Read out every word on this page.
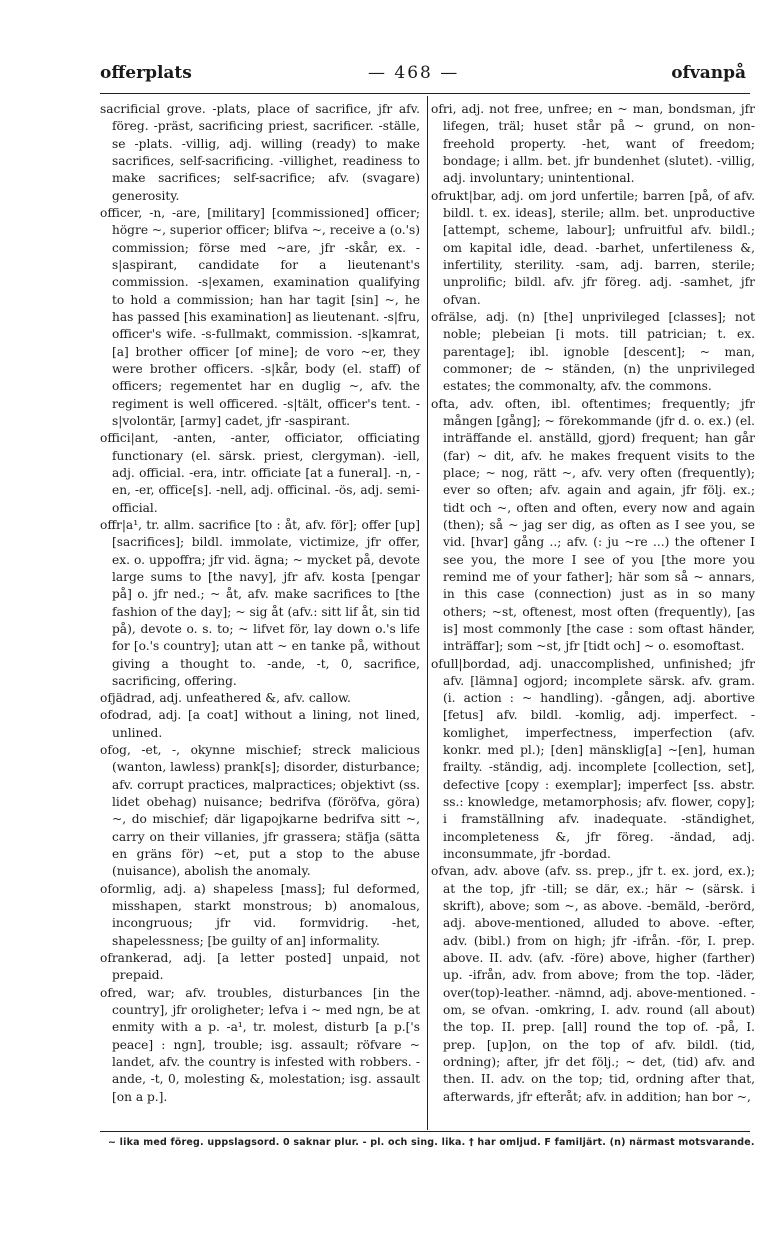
offerplats	— 468 —	ofvanpå

sacrificial grove. -plats, place of sacrifice, jfr afv. föreg. -präst, sacrificing priest, sacrificer. -ställe, se -plats. -villig, adj. willing (ready) to make sacrifices, self-sacrificing. -villighet, readiness to make sacrifices; self-sacrifice; afv. (svagare) generosity.

officer, -n, -are, [military] [commissioned] officer; högre ~, superior officer; blifva ~, receive a (o.'s) commission; förse med ~are, jfr -skår, ex. -s|aspirant, candidate for a lieutenant's commission. -s|examen, examination qualifying to hold a commission; han har tagit [sin] ~, he has passed [his examination] as lieutenant. -s|fru, officer's wife. -s-fullmakt, commission. -s|kamrat, [a] brother officer [of mine]; de voro ~er, they were brother officers. -s|kår, body (el. staff) of officers; regementet har en duglig ~, afv. the regiment is well officered. -s|tält, officer's tent. -s|volontär, [army] cadet, jfr -saspirant.

offici|ant, -anten, -anter, officiator, officiating functionary (el. särsk. priest, clergyman). -iell, adj. official. -era, intr. officiate [at a funeral]. -n, -en, -er, office[s]. -nell, adj. officinal. -ös, adj. semi-official.

offr|a¹, tr. allm. sacrifice [to : åt, afv. för]; offer [up] [sacrifices]; bildl. immolate, victimize, jfr offer, ex. o. uppoffra; jfr vid. ägna; ~ mycket på, devote large sums to [the navy], jfr afv. kosta [pengar på] o. jfr ned.; ~ åt, afv. make sacrifices to [the fashion of the day]; ~ sig åt (afv.: sitt lif åt, sin tid på), devote o. s. to; ~ lifvet för, lay down o.'s life for [o.'s country]; utan att ~ en tanke på, without giving a thought to. -ande, -t, 0, sacrifice, sacrificing, offering.

ofjädrad, adj. unfeathered &, afv. callow.

ofodrad, adj. [a coat] without a lining, not lined, unlined.

ofog, -et, -, okynne mischief; streck malicious (wanton, lawless) prank[s]; disorder, disturbance; afv. corrupt practices, malpractices; objektivt (ss. lidet obehag) nuisance; bedrifva (föröfva, göra) ~, do mischief; där ligapojkarne bedrifva sitt ~, carry on their villanies, jfr grassera; stäfja (sätta en gräns för) ~et, put a stop to the abuse (nuisance), abolish the anomaly.

oformlig, adj. a) shapeless [mass]; ful deformed, misshapen, starkt monstrous; b) anomalous, incongruous; jfr vid. formvidrig. -het, shapelessness; [be guilty of an] informality.

ofrankerad, adj. [a letter posted] unpaid, not prepaid.

ofred, war; afv. troubles, disturbances [in the country], jfr oroligheter; lefva i ~ med ngn, be at enmity with a p. -a¹, tr. molest, disturb [a p.['s peace] : ngn], trouble; isg. assault; röfvare ~ landet, afv. the country is infested with robbers. -ande, -t, 0, molesting &, molestation; isg. assault [on a p.].

ofri, adj. not free, unfree; en ~ man, bondsman, jfr lifegen, träl; huset står på ~ grund, on non-freehold property. -het, want of freedom; bondage; i allm. bet. jfr bundenhet (slutet). -villig, adj. involuntary; unintentional.

ofrukt|bar, adj. om jord unfertile; barren [på, of afv. bildl. t. ex. ideas], sterile; allm. bet. unproductive [attempt, scheme, labour]; unfruitful afv. bildl.; om kapital idle, dead. -barhet, unfertileness &, infertility, sterility. -sam, adj. barren, sterile; unprolific; bildl. afv. jfr föreg. adj. -samhet, jfr ofvan.

ofrälse, adj. (n) [the] unprivileged [classes]; not noble; plebeian [i mots. till patrician; t. ex. parentage]; ibl. ignoble [descent]; ~ man, commoner; de ~ ständen, (n) the unprivileged estates; the commonalty, afv. the commons.

ofta, adv. often, ibl. oftentimes; frequently; jfr mången [gång]; ~ förekommande (jfr d. o. ex.) (el. inträffande el. anställd, gjord) frequent; han går (far) ~ dit, afv. he makes frequent visits to the place; ~ nog, rätt ~, afv. very often (frequently); ever so often; afv. again and again, jfr följ. ex.; tidt och ~, often and often, every now and again (then); så ~ jag ser dig, as often as I see you, se vid. [hvar] gång ..; afv. (: ju ~re ...) the oftener I see you, the more I see of you [the more you remind me of your father]; här som så ~ annars, in this case (connection) just as in so many others; ~st, oftenest, most often (frequently), [as is] most commonly [the case : som oftast händer, inträffar]; som ~st, jfr [tidt och] ~ o. esomoftast.

ofull|bordad, adj. unaccomplished, unfinished; jfr afv. [lämna] ogjord; incomplete särsk. afv. gram. (i. action : ~ handling). -gången, adj. abortive [fetus] afv. bildl. -komlig, adj. imperfect. -komlighet, imperfectness, imperfection (afv. konkr. med pl.); [den] mänsklig[a] ~[en], human frailty. -ständig, adj. incomplete [collection, set], defective [copy : exemplar]; imperfect [ss. abstr. ss.: knowledge, metamorphosis; afv. flower, copy]; i framställning afv. inadequate. -ständighet, incompleteness &, jfr föreg. -ändad, adj. inconsummate, jfr -bordad.

ofvan, adv. above (afv. ss. prep., jfr t. ex. jord, ex.); at the top, jfr -till; se där, ex.; här ~ (särsk. i skrift), above; som ~, as above. -bemäld, -berörd, adj. above-mentioned, alluded to above. -efter, adv. (bibl.) from on high; jfr -ifrån. -för, I. prep. above. II. adv. (afv. -före) above, higher (farther) up. -ifrån, adv. from above; from the top. -läder, over(top)-leather. -nämnd, adj. above-mentioned. -om, se ofvan. -omkring, I. adv. round (all about) the top. II. prep. [all] round the top of. -på, I. prep. [up]on, on the top of afv. bildl. (tid, ordning); after, jfr det följ.; ~ det, (tid) afv. and then. II. adv. on the top; tid, ordning after that, afterwards, jfr efteråt; afv. in addition; han bor ~,

~ lika med föreg. uppslagsord. 0 saknar plur. - pl. och sing. lika. † har omljud. F familjärt. (n) närmast motsvarande.
